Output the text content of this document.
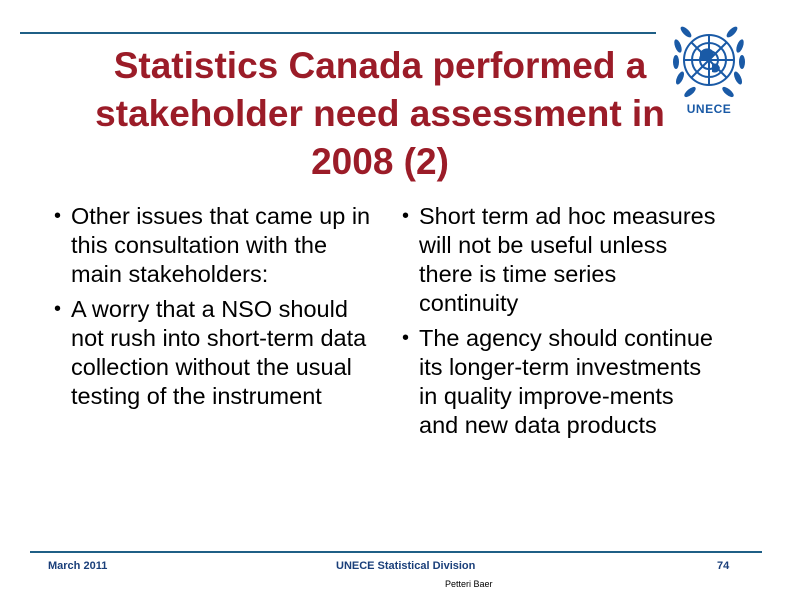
UNECE
Statistics Canada performed a stakeholder need assessment in 2008 (2)
• Other issues that came up in this consultation with the main stakeholders:
• A worry that a NSO should not rush into short-term data collection without the usual testing of the instrument
• Short term ad hoc measures will not be useful unless there is time series continuity
• The agency should continue its longer-term investments in quality improve-ments and new data products
March 2011	UNECE Statistical Division	74
Petteri Baer
